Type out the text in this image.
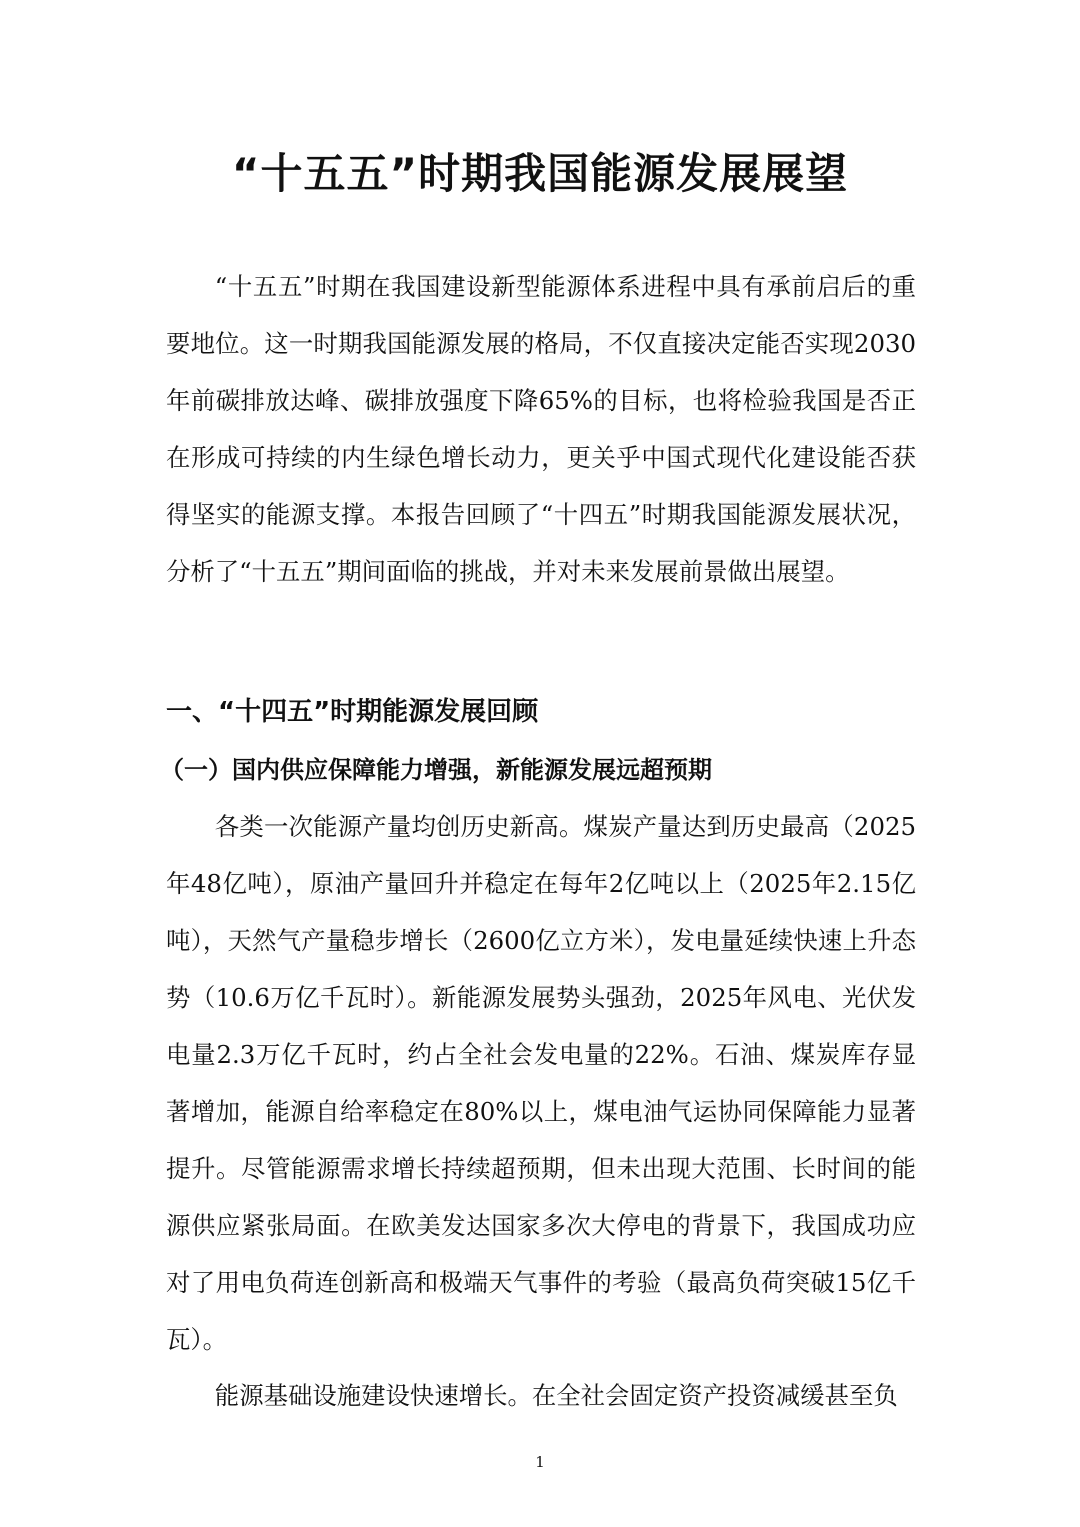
“十五五”时期我国能源发展展望

“十五五”时期在我国建设新型能源体系进程中具有承前启后的重要地位。这一时期我国能源发展的格局，不仅直接决定能否实现2030年前碳排放达峰、碳排放强度下降65%的目标，也将检验我国是否正在形成可持续的内生绿色增长动力，更关乎中国式现代化建设能否获得坚实的能源支撑。本报告回顾了“十四五”时期我国能源发展状况，分析了“十五五”期间面临的挑战，并对未来发展前景做出展望。

一、“十四五”时期能源发展回顾
（一）国内供应保障能力增强，新能源发展远超预期

各类一次能源产量均创历史新高。煤炭产量达到历史最高（2025年48亿吨），原油产量回升并稳定在每年2亿吨以上（2025年2.15亿吨），天然气产量稳步增长（2600亿立方米），发电量延续快速上升态势（10.6万亿千瓦时）。新能源发展势头强劲，2025年风电、光伏发电量2.3万亿千瓦时，约占全社会发电量的22%。石油、煤炭库存显著增加，能源自给率稳定在80%以上，煤电油气运协同保障能力显著提升。尽管能源需求增长持续超预期，但未出现大范围、长时间的能源供应紧张局面。在欧美发达国家多次大停电的背景下，我国成功应对了用电负荷连创新高和极端天气事件的考验（最高负荷突破15亿千瓦）。

能源基础设施建设快速增长。在全社会固定资产投资减缓甚至负

1
